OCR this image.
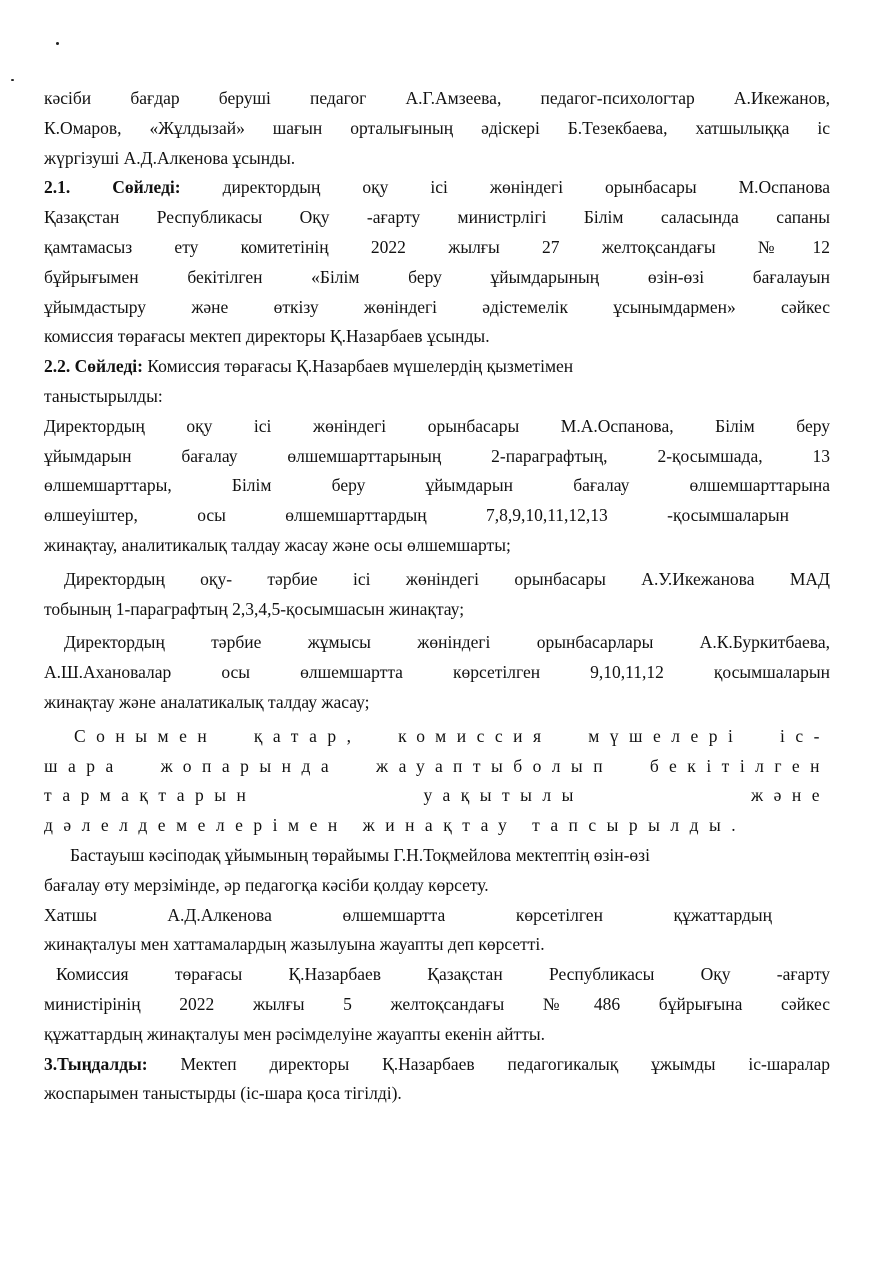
кәсіби бағдар беруші педагог А.Г.Амзеева, педагог-психологтар А.Икежанов,
К.Омаров, «Жұлдызай» шағын орталығының әдіскері Б.Тезекбаева, хатшылыққа іс
жүргізуші А.Д.Алкенова ұсынды.
2.1. Сөйледі: директордың оқу ісі жөніндегі орынбасары М.Оспанова
Қазақстан Республикасы Оқу -ағарту министрлігі Білім саласында сапаны
қамтамасыз ету комитетінің 2022 жылғы 27 желтоқсандағы №12
бұйрығымен бекітілген «Білім беру ұйымдарының өзін-өзі бағалауын
ұйымдастыру және өткізу жөніндегі әдістемелік ұсынымдармен» сәйкес
комиссия төрағасы мектеп директоры Қ.Назарбаев ұсынды.
2.2. Сөйледі: Комиссия төрағасы Қ.Назарбаев мүшелердің қызметімен
таныстырылды:
Директордың оқу ісі жөніндегі орынбасары М.А.Оспанова, Білім беру
ұйымдарын бағалау өлшемшарттарының 2-параграфтың, 2-қосымшада, 13
өлшемшарттары, Білім беру ұйымдарын бағалау өлшемшарттарына
өлшеуіштер, осы өлшемшарттардың 7,8,9,10,11,12,13 -қосымшаларын
жинақтау, аналитикалық талдау жасау және осы өлшемшарты;
Директордың оқу- тәрбие ісі жөніндегі орынбасары А.У.Икежанова МАД
тобының 1-параграфтың 2,3,4,5-қосымшасын жинақтау;
Директордың тәрбие жұмысы жөніндегі орынбасарлары А.К.Буркитбаева,
А.Ш.Ахановалар осы өлшемшартта көрсетілген 9,10,11,12 қосымшаларын
жинақтау және аналатикалық талдау жасау;
Сонымен қатар, комиссия мүшелері іс-
шара жопарында жауаптыболып бекітілген
тармақтарын уақытылы және
дәлелдемелерімен жинақтау тапсырылды.
Бастауыш кәсіподақ ұйымының төрайымы Г.Н.Тоқмейлова мектептің өзін-өзі
бағалау өту мерзімінде, әр педагогқа кәсіби қолдау көрсету.
Хатшы А.Д.Алкенова өлшемшартта көрсетілген құжаттардың
жинақталуы мен хаттамалардың жазылуына жауапты деп көрсетті.
Комиссия төрағасы Қ.Назарбаев Қазақстан Республикасы Оқу -ағарту
министірінің 2022 жылғы 5 желтоқсандағы №486 бұйрығына сәйкес
құжаттардың жинақталуы мен рәсімделуіне жауапты екенін айтты.
3.Тыңдалды: Мектеп директоры Қ.Назарбаев педагогикалық ұжымды іс-шаралар
жоспарымен таныстырды (іс-шара қоса тігілді).
